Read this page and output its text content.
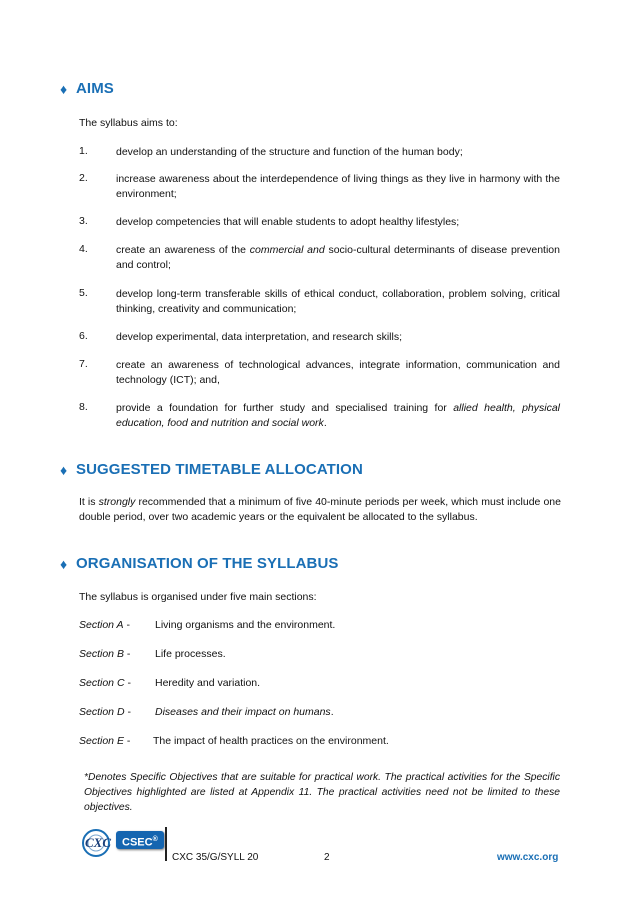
♦ AIMS
The syllabus aims to:
1.	develop an understanding of the structure and function of the human body;
2.	increase awareness about the interdependence of living things as they live in harmony with the environment;
3.	develop competencies that will enable students to adopt healthy lifestyles;
4.	create an awareness of the commercial and socio-cultural determinants of disease prevention and control;
5.	develop long-term transferable skills of ethical conduct, collaboration, problem solving, critical thinking, creativity and communication;
6.	develop experimental, data interpretation, and research skills;
7.	create an awareness of technological advances, integrate information, communication and technology (ICT); and,
8.	provide a foundation for further study and specialised training for allied health, physical education, food and nutrition and social work.
♦ SUGGESTED TIMETABLE ALLOCATION
It is strongly recommended that a minimum of five 40-minute periods per week, which must include one double period, over two academic years or the equivalent be allocated to the syllabus.
♦ ORGANISATION OF THE SYLLABUS
The syllabus is organised under five main sections:
Section A - Living organisms and the environment.
Section B - Life processes.
Section C - Heredity and variation.
Section D - Diseases and their impact on humans.
Section E - The impact of health practices on the environment.
*Denotes Specific Objectives that are suitable for practical work. The practical activities for the Specific Objectives highlighted are listed at Appendix 11. The practical activities need not be limited to these objectives.
CXC CSEC®
CXC 35/G/SYLL 20	2	www.cxc.org
